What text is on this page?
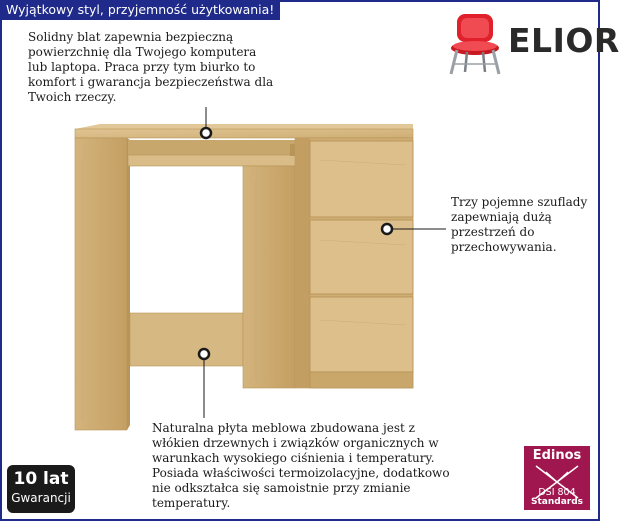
Wyjątkowy styl, przyjemność użytkowania!
Solidny blat zapewnia bezpieczną powierzchnię dla Twojego komputera lub laptopa. Praca przy tym biurko to komfort i gwarancja bezpieczeństwa dla Twoich rzeczy.
Trzy pojemne szuflady zapewniają dużą przestrzeń do przechowywania.
Naturalna płyta meblowa zbudowana jest z włókien drzewnych i związków organicznych w warunkach wysokiego ciśnienia i temperatury. Posiada właściwości termoizolacyjne, dodatkowo nie odkształca się samoistnie przy zmianie temperatury.
ELIOR
10 lat
Gwarancji
Edinos
DSI 804
Standards
